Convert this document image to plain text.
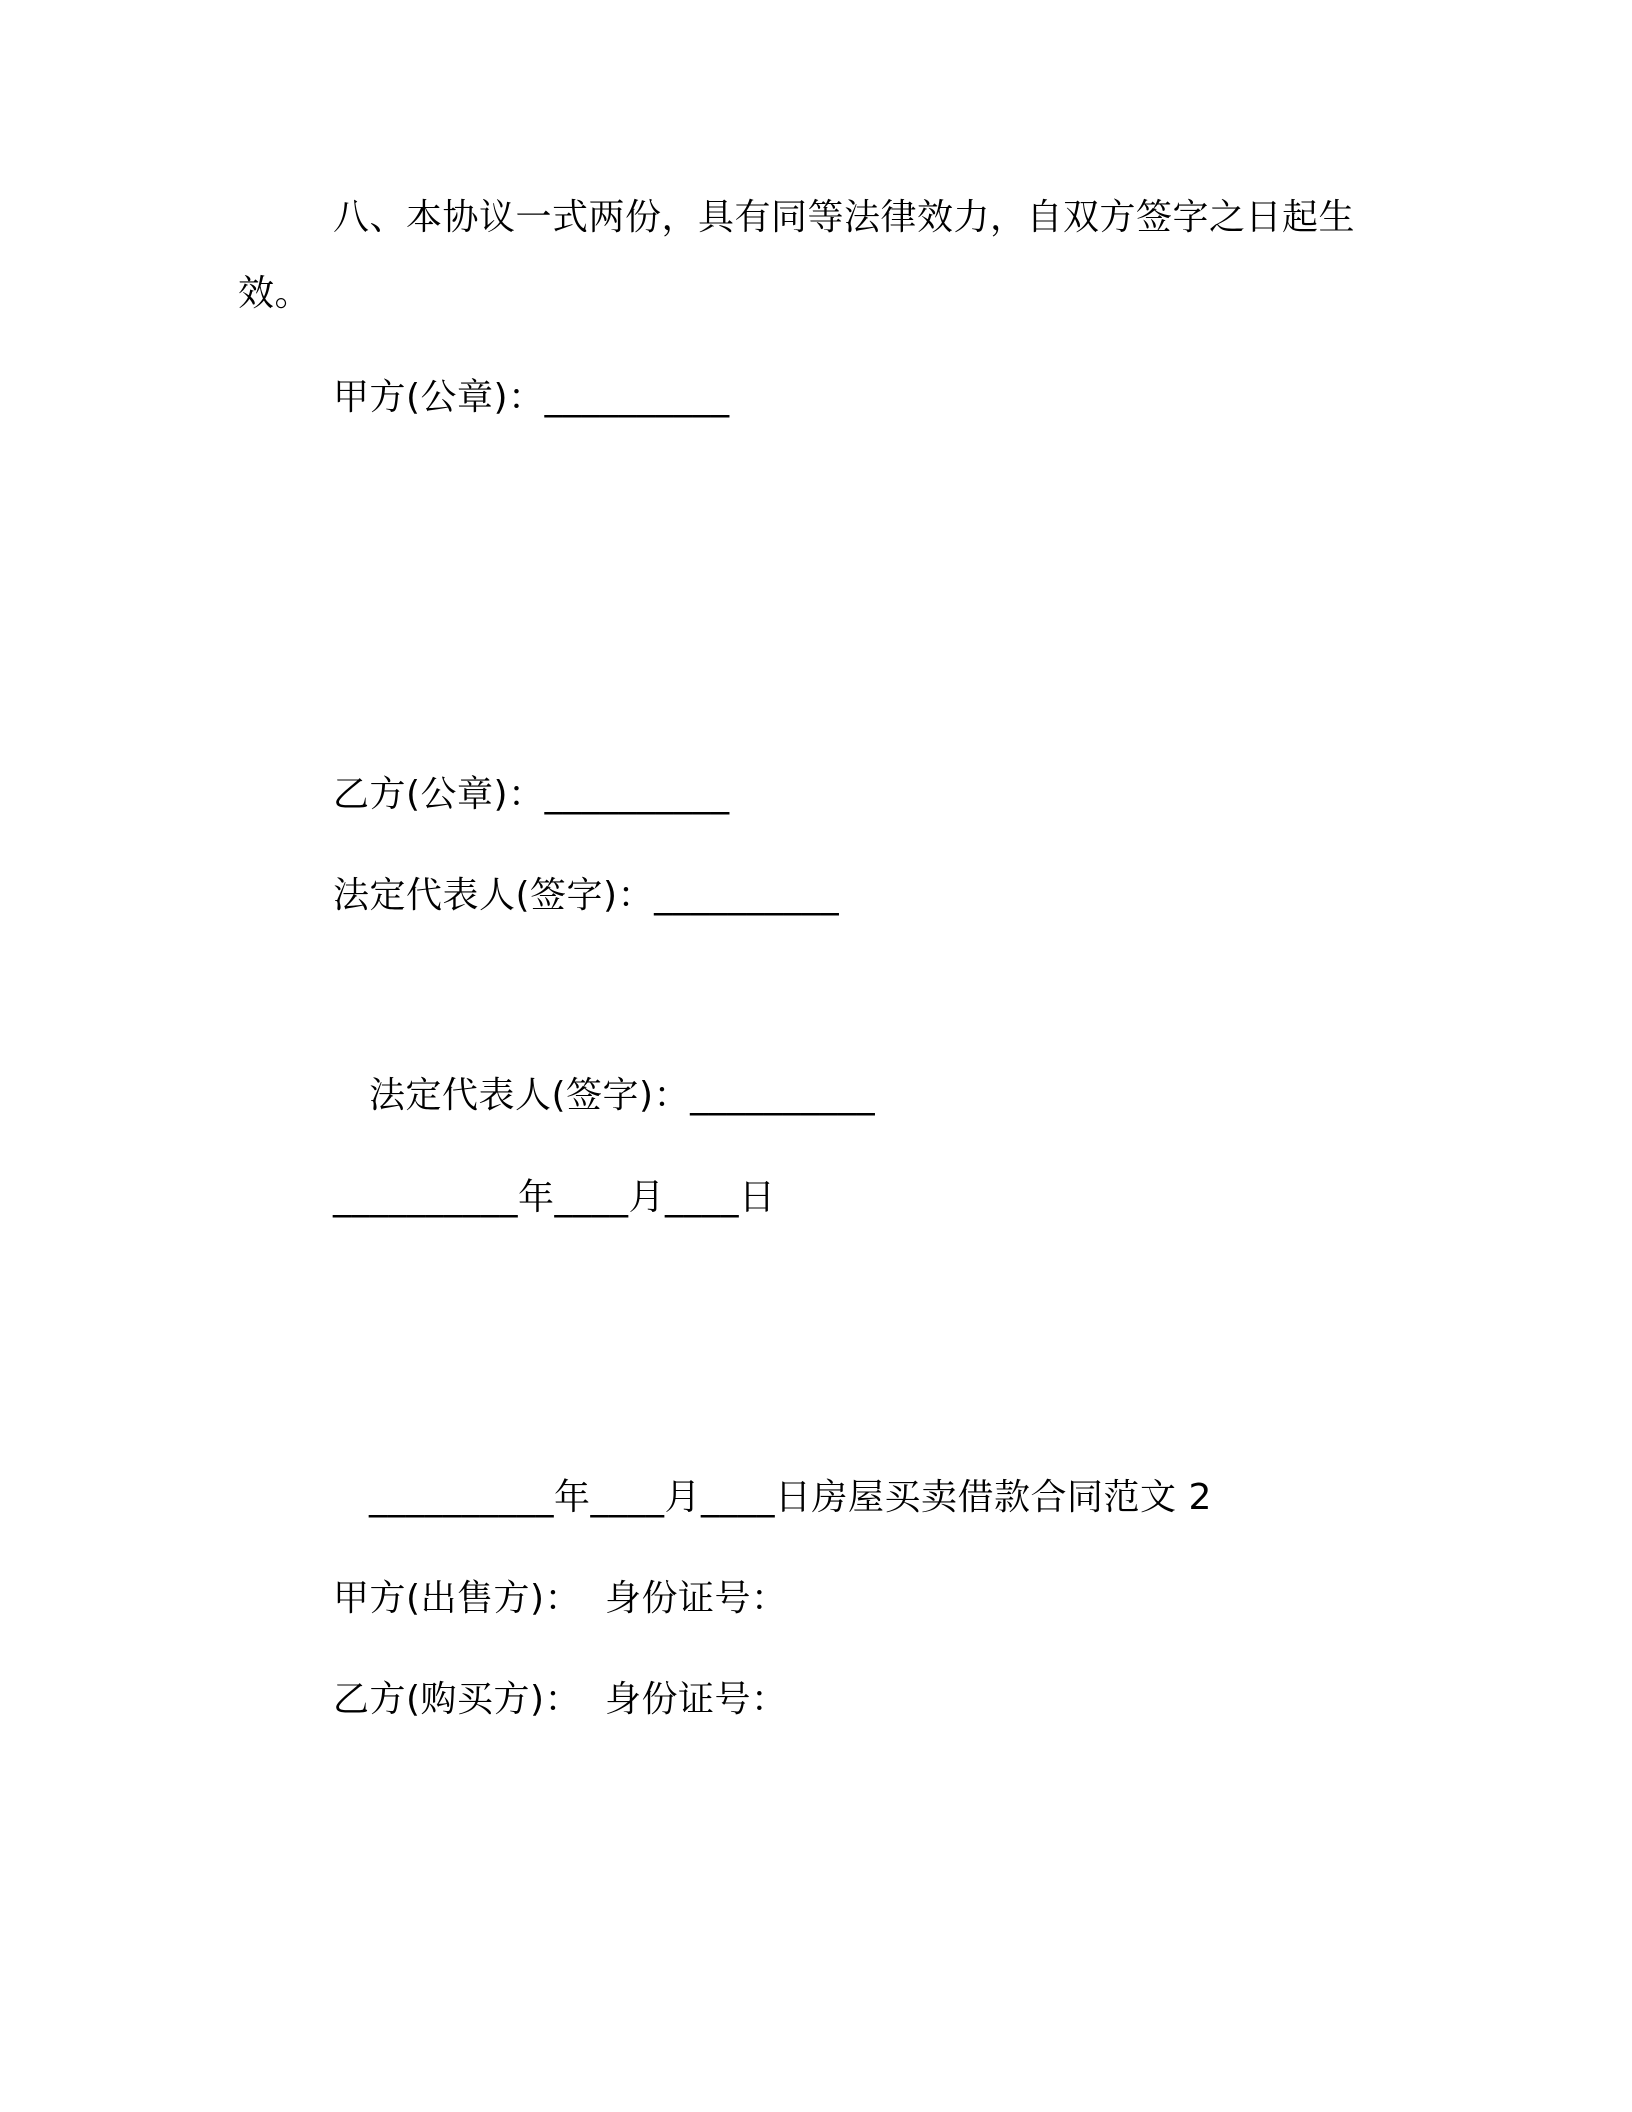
八、本协议一式两份，具有同等法律效力，自双方签字之日起生
效。
甲方(公章)：__________
乙方(公章)：__________
法定代表人(签字)：__________
法定代表人(签字)：__________
__________年____月____日
__________年____月____日房屋买卖借款合同范文 2
甲方(出售方)：  身份证号：
乙方(购买方)：  身份证号：
